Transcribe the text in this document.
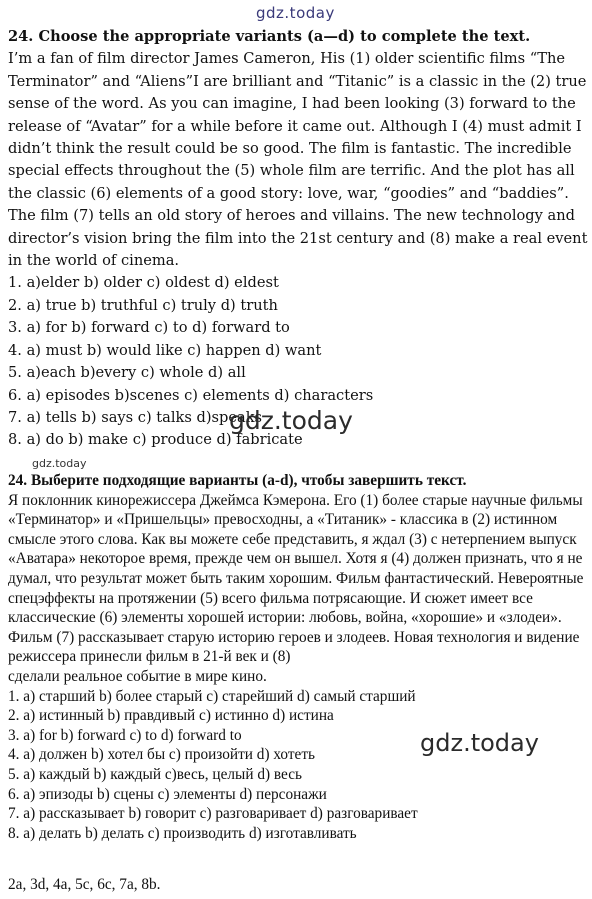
gdz.today
24. Choose the appropriate variants (a—d) to complete the text.

I’m a fan of film director James Cameron, His (1) older scientific films “The Terminator” and “Aliens”I are brilliant and “Titanic” is a classic in the (2) true sense of the word. As you can imagine, I had been looking (3) forward to the release of “Avatar” for a while before it came out. Although I (4) must admit I didn’t think the result could be so good. The film is fantastic. The incredible special effects throughout the (5) whole film are terrific. And the plot has all the classic (6) elements of a good story: love, war, “goodies” and “baddies”. The film (7) tells an old story of heroes and villains. The new technology and director’s vision bring the film into the 21st century and (8) make a real event in the world of cinema.

1. a)elder b) older c) oldest d) eldest
2. a) true b) truthful c) truly d) truth
3. a) for b) forward c) to d) forward to
4. a) must b) would like c) happen d) want
5. a)each b)every c) whole d) all
6. a) episodes b)scenes c) elements d) characters
7. a) tells b) says c) talks d)speaks
8. a) do b) make c) produce d) fabricate
gdz.today
gdz.today
24. Выберите подходящие варианты (a-d), чтобы завершить текст.

Я поклонник кинорежиссера Джеймса Кэмерона. Его (1) более старые научные фильмы «Терминатор» и «Пришельцы» превосходны, а «Титаник» - классика в (2) истинном смысле этого слова. Как вы можете себе представить, я ждал (3) с нетерпением выпуск «Аватара» некоторое время, прежде чем он вышел. Хотя я (4) должен признать, что я не думал, что результат может быть таким хорошим. Фильм фантастический. Невероятные спецэффекты на протяжении (5) всего фильма потрясающие. И сюжет имеет все классические (6) элементы хорошей истории: любовь, война, «хорошие» и «злодеи». Фильм (7) рассказывает старую историю героев и злодеев. Новая технология и видение режиссера принесли фильм в 21-й век и (8)

сделали реальное событие в мире кино.

1. a) старший b) более старый c) старейший d) самый старший
2. a) истинный b) правдивый c) истинно d) истина
3. a) for b) forward c) to d) forward to
4. a) должен b) хотел бы c) произойти d) хотеть
5. a) каждый b) каждый c)весь, целый d) весь
6. a) эпизоды b) сцены c) элементы d) персонажи
7. a) рассказывает b) говорит c) разговаривает d) разговаривает
8. a) делать b) делать c) производить d) изготавливать
gdz.today
2a, 3d, 4a, 5c, 6c, 7a, 8b.
